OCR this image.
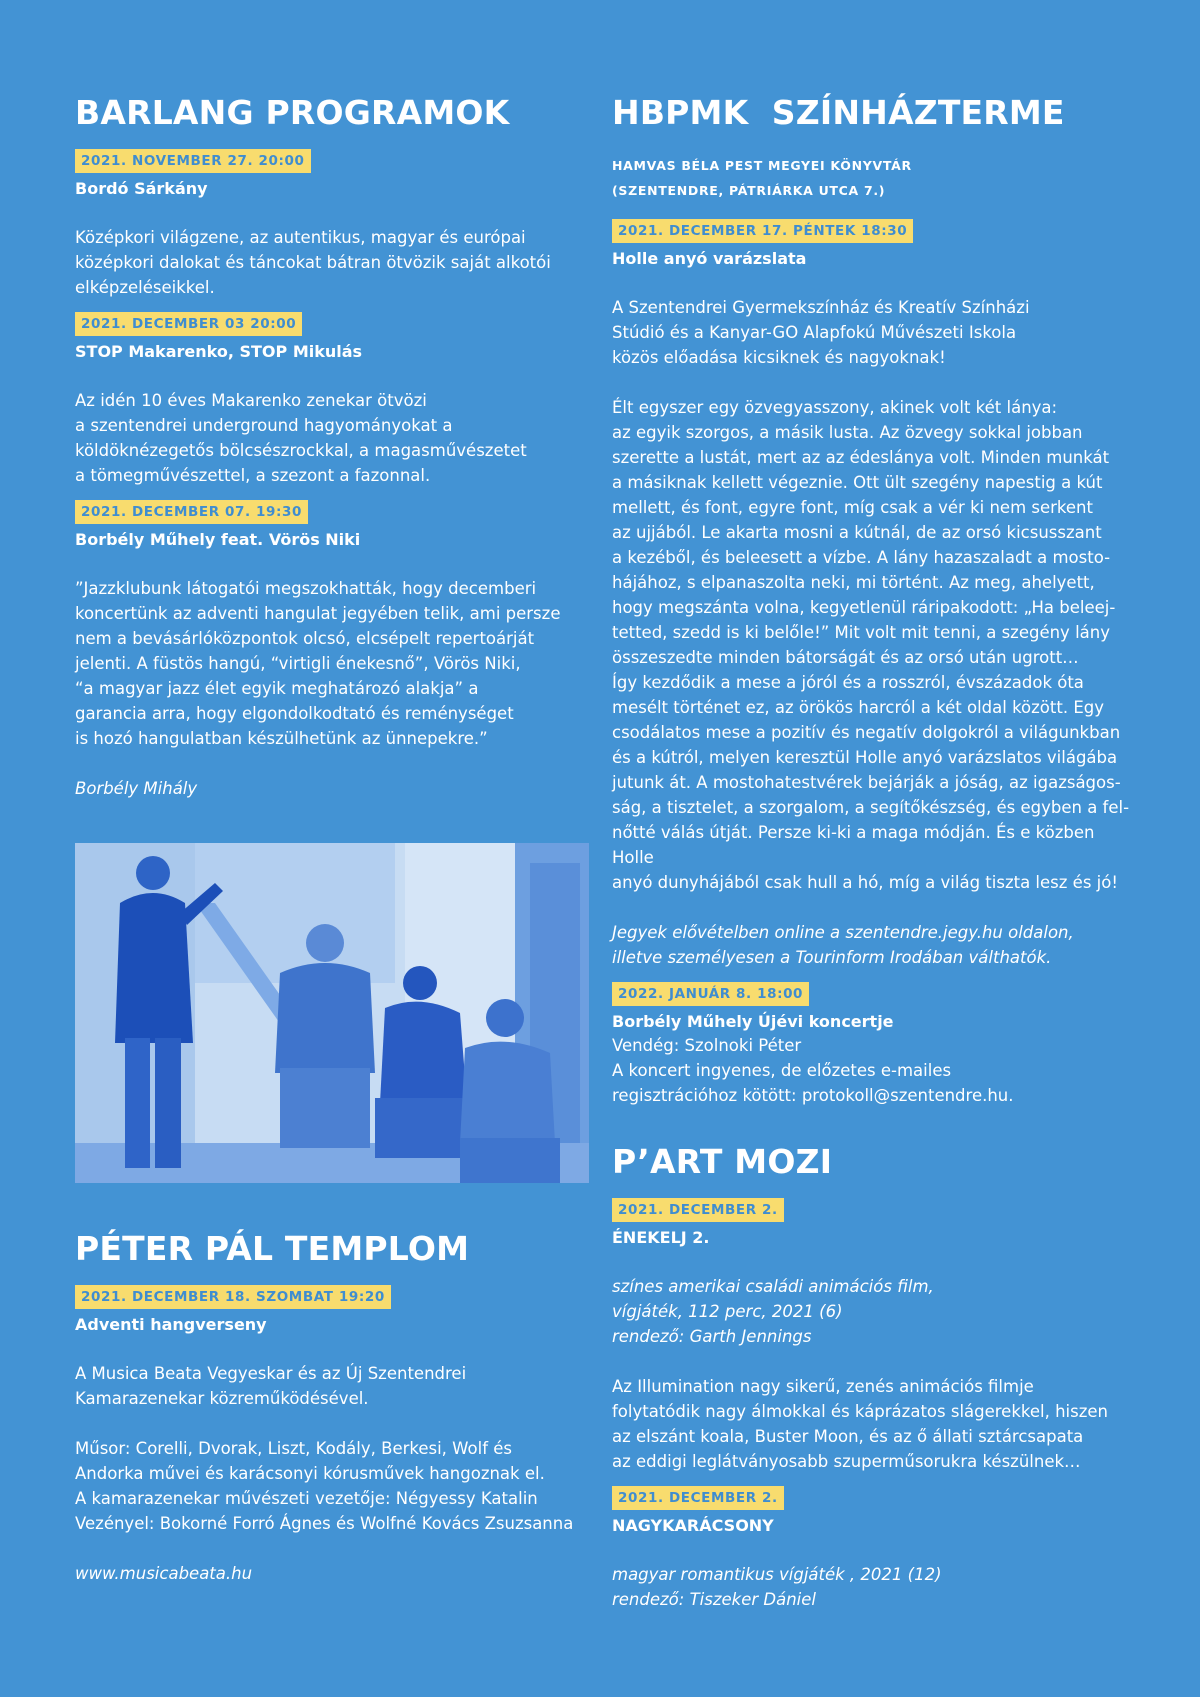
BARLANG PROGRAMOK
2021. NOVEMBER 27. 20:00
Bordó Sárkány

Középkori világzene, az autentikus, magyar és európai
középkori dalokat és táncokat bátran ötvözik saját alkotói
elképzeléseikkel.

2021. DECEMBER 03 20:00
STOP Makarenko, STOP Mikulás

Az idén 10 éves Makarenko zenekar ötvözi
a szentendrei underground hagyományokat a
köldöknézegetős bölcsészrockkal, a magasművészetet
a tömegművészettel, a szezont a fazonnal.

2021. DECEMBER 07. 19:30
Borbély Műhely feat. Vörös Niki

”Jazzklubunk látogatói megszokhatták, hogy decemberi
koncertünk az adventi hangulat jegyében telik, ami persze
nem a bevásárlóközpontok olcsó, elcsépelt repertoárját
jelenti. A füstös hangú, “virtigli énekesnő”, Vörös Niki,
“a magyar jazz élet egyik meghatározó alakja” a
garancia arra, hogy elgondolkodtató és reménységet
is hozó hangulatban készülhetünk az ünnepekre.”

Borbély Mihály

PÉTER PÁL TEMPLOM
2021. DECEMBER 18. SZOMBAT 19:20
Adventi hangverseny

A Musica Beata Vegyeskar és az Új Szentendrei
Kamarazenekar közreműködésével.

Műsor: Corelli, Dvorak, Liszt, Kodály, Berkesi, Wolf és
Andorka művei és karácsonyi kórusművek hangoznak el.
A kamarazenekar művészeti vezetője: Négyessy Katalin
Vezényel: Bokorné Forró Ágnes és Wolfné Kovács Zsuzsanna

www.musicabeata.hu

HBPMK  SZÍNHÁZTERME
HAMVAS BÉLA PEST MEGYEI KÖNYVTÁR
(SZENTENDRE, PÁTRIÁRKA UTCA 7.)
2021. DECEMBER 17. PÉNTEK 18:30
Holle anyó varázslata

A Szentendrei Gyermekszínház és Kreatív Színházi
Stúdió és a Kanyar-GO Alapfokú Művészeti Iskola
közös előadása kicsiknek és nagyoknak!

Élt egyszer egy özvegyasszony, akinek volt két lánya:
az egyik szorgos, a másik lusta. Az özvegy sokkal jobban
szerette a lustát, mert az az édeslánya volt. Minden munkát
a másiknak kellett végeznie. Ott ült szegény napestig a kút
mellett, és font, egyre font, míg csak a vér ki nem serkent
az ujjából. Le akarta mosni a kútnál, de az orsó kicsusszant
a kezéből, és beleesett a vízbe. A lány hazaszaladt a mosto-
hájához, s elpanaszolta neki, mi történt. Az meg, ahelyett,
hogy megszánta volna, kegyetlenül ráripakodott: „Ha beleej-
tetted, szedd is ki belőle!” Mit volt mit tenni, a szegény lány
összeszedte minden bátorságát és az orsó után ugrott…
Így kezdődik a mese a jóról és a rosszról, évszázadok óta
mesélt történet ez, az örökös harcról a két oldal között. Egy
csodálatos mese a pozitív és negatív dolgokról a világunkban
és a kútról, melyen keresztül Holle anyó varázslatos világába
jutunk át. A mostohatestvérek bejárják a jóság, az igazságos-
ság, a tisztelet, a szorgalom, a segítőkészség, és egyben a fel-
nőtté válás útját. Persze ki-ki a maga módján. És e közben Holle
anyó dunyhájából csak hull a hó, míg a világ tiszta lesz és jó!

Jegyek elővételben online a szentendre.jegy.hu oldalon,
illetve személyesen a Tourinform Irodában válthatók.

2022. JANUÁR 8. 18:00
Borbély Műhely Újévi koncertje

Vendég: Szolnoki Péter
A koncert ingyenes, de előzetes e-mailes
regisztrációhoz kötött: protokoll@szentendre.hu.

P’ART MOZI
2021. DECEMBER 2.
ÉNEKELJ 2.

színes amerikai családi animációs film,
vígjáték, 112 perc, 2021 (6)
rendező: Garth Jennings

Az Illumination nagy sikerű, zenés animációs filmje
folytatódik nagy álmokkal és káprázatos slágerekkel, hiszen
az elszánt koala, Buster Moon, és az ő állati sztárcsapata
az eddigi leglátványosabb szuperműsorukra készülnek…

2021. DECEMBER 2.
NAGYKARÁCSONY

magyar romantikus vígjáték , 2021 (12)
rendező: Tiszeker Dániel
